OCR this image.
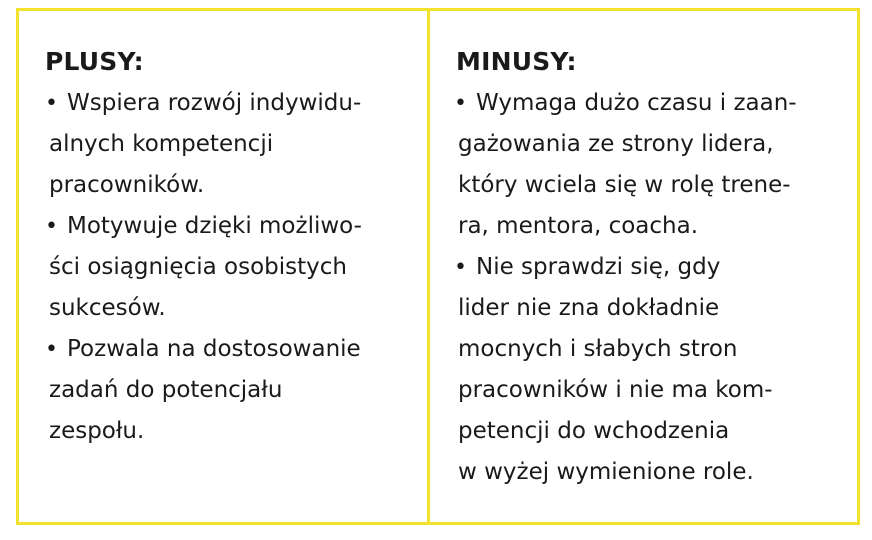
PLUSY:
• Wspiera rozwój indywidu-
alnych kompetencji
pracowników.
• Motywuje dzięki możliwo-
ści osiągnięcia osobistych
sukcesów.
• Pozwala na dostosowanie
zadań do potencjału
zespołu.
MINUSY:
• Wymaga dużo czasu i zaan-
gażowania ze strony lidera,
który wciela się w rolę trene-
ra, mentora, coacha.
• Nie sprawdzi się, gdy
lider nie zna dokładnie
mocnych i słabych stron
pracowników i nie ma kom-
petencji do wchodzenia
w wyżej wymienione role.
